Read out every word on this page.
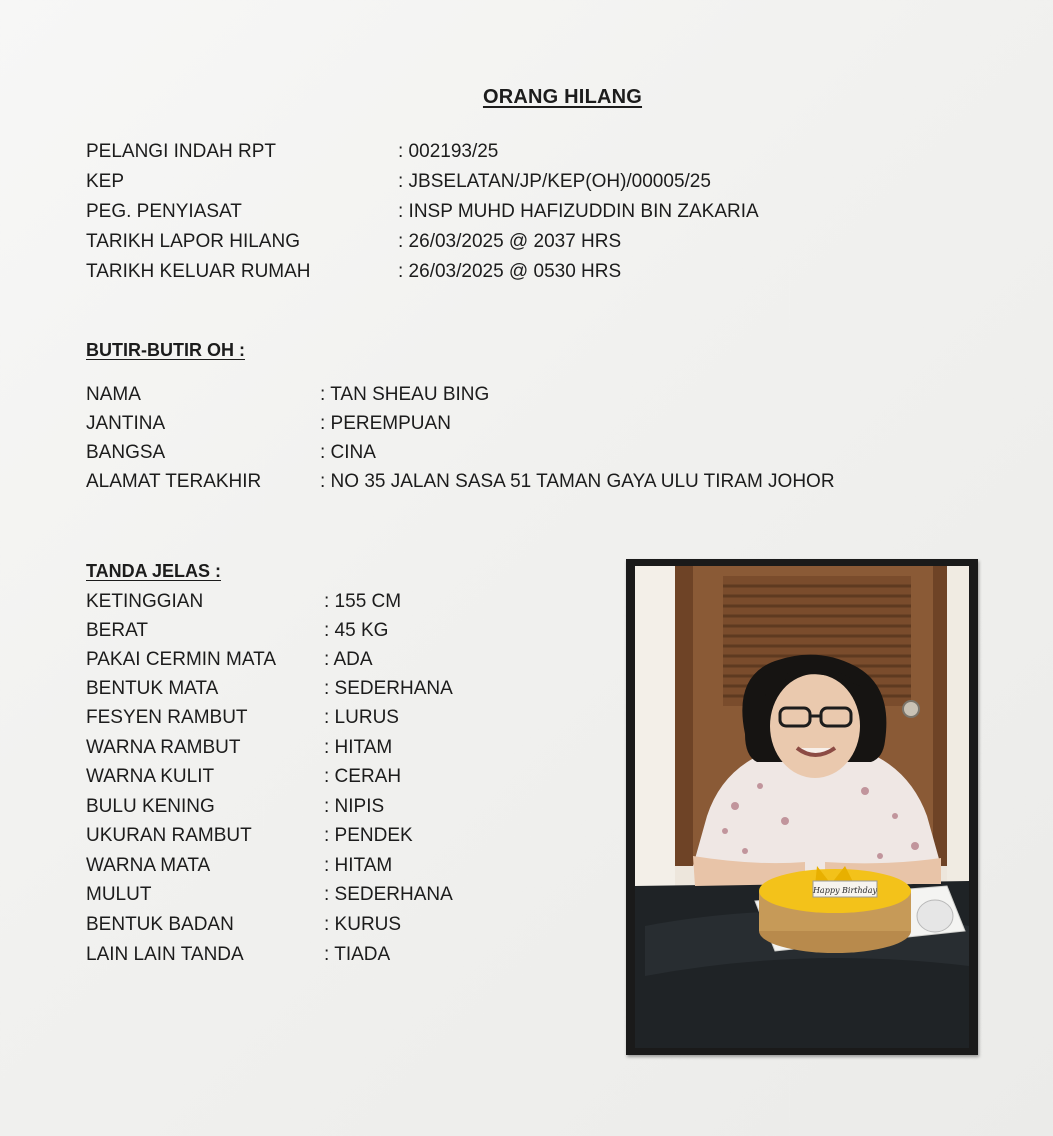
ORANG HILANG
PELANGI INDAH RPT	: 002193/25
KEP	: JBSELATAN/JP/KEP(OH)/00005/25
PEG. PENYIASAT	: INSP MUHD HAFIZUDDIN BIN ZAKARIA
TARIKH LAPOR HILANG	: 26/03/2025 @ 2037 HRS
TARIKH KELUAR RUMAH	: 26/03/2025 @ 0530 HRS
BUTIR-BUTIR OH :
NAMA	: TAN SHEAU BING
JANTINA	: PEREMPUAN
BANGSA	: CINA
ALAMAT TERAKHIR	: NO 35 JALAN SASA 51 TAMAN GAYA ULU TIRAM JOHOR
TANDA JELAS :
KETINGGIAN	: 155 CM
BERAT	: 45 KG
PAKAI CERMIN MATA	: ADA
BENTUK MATA	: SEDERHANA
FESYEN RAMBUT	: LURUS
WARNA RAMBUT	: HITAM
WARNA KULIT	: CERAH
BULU KENING	: NIPIS
UKURAN RAMBUT	: PENDEK
WARNA MATA	: HITAM
MULUT	: SEDERHANA
BENTUK BADAN	: KURUS
LAIN LAIN TANDA	: TIADA
Happy Birthday
